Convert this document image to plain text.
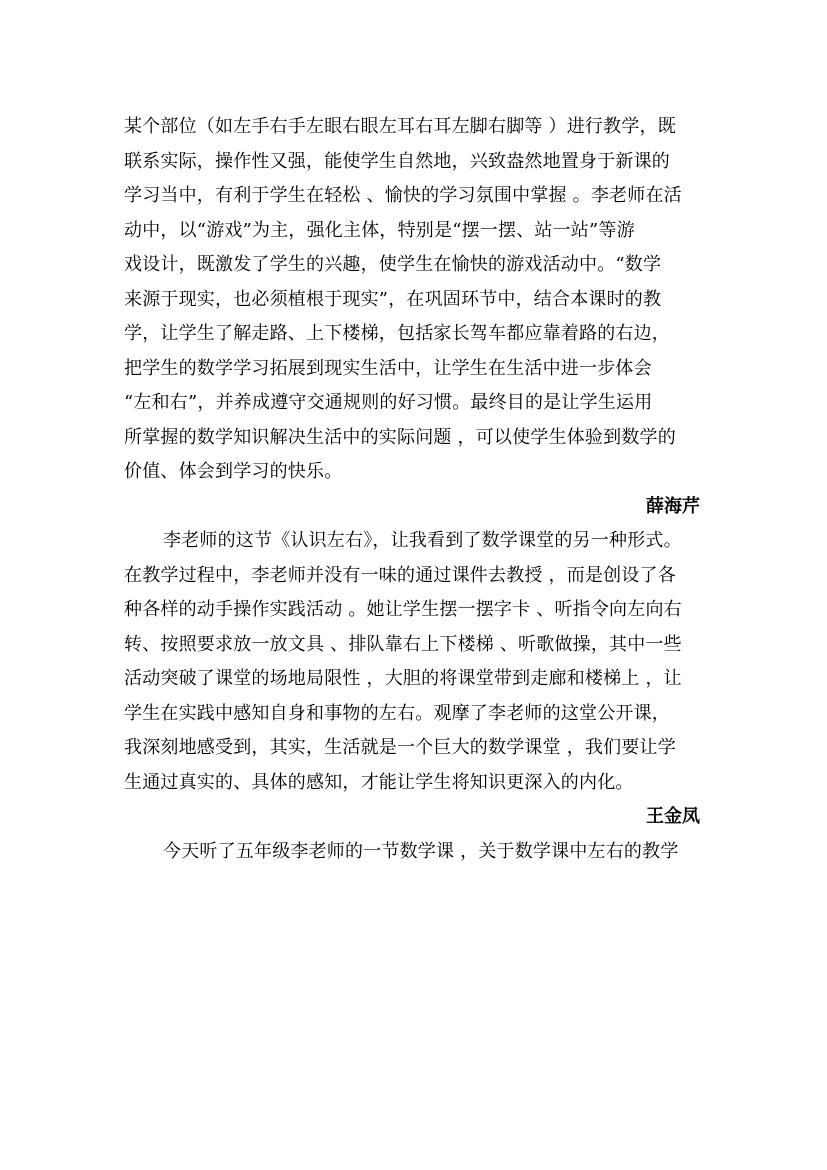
某个部位（如左手右手左眼右眼左耳右耳左脚右脚等 ）进行教学，既
联系实际，操作性又强，能使学生自然地，兴致盎然地置身于新课的
学习当中，有利于学生在轻松 、愉快的学习氛围中掌握 。李老师在活
动中，以“游戏”为主，强化主体，特别是“摆一摆、站一站”等游
戏设计，既激发了学生的兴趣，使学生在愉快的游戏活动中。“数学
来源于现实，也必须植根于现实”，在巩固环节中，结合本课时的教
学，让学生了解走路、上下楼梯，包括家长驾车都应靠着路的右边，
把学生的数学学习拓展到现实生活中，让学生在生活中进一步体会
“左和右”，并养成遵守交通规则的好习惯。最终目的是让学生运用
所掌握的数学知识解决生活中的实际问题 ，可以使学生体验到数学的
价值、体会到学习的快乐。
薛海芹
李老师的这节《认识左右》，让我看到了数学课堂的另一种形式。
在教学过程中，李老师并没有一味的通过课件去教授 ，而是创设了各
种各样的动手操作实践活动 。她让学生摆一摆字卡 、听指令向左向右
转、按照要求放一放文具 、排队靠右上下楼梯 、听歌做操，其中一些
活动突破了课堂的场地局限性 ，大胆的将课堂带到走廊和楼梯上 ，让
学生在实践中感知自身和事物的左右。观摩了李老师的这堂公开课，
我深刻地感受到，其实，生活就是一个巨大的数学课堂 ，我们要让学
生通过真实的、具体的感知，才能让学生将知识更深入的内化。
王金凤
今天听了五年级李老师的一节数学课 ，关于数学课中左右的教学
